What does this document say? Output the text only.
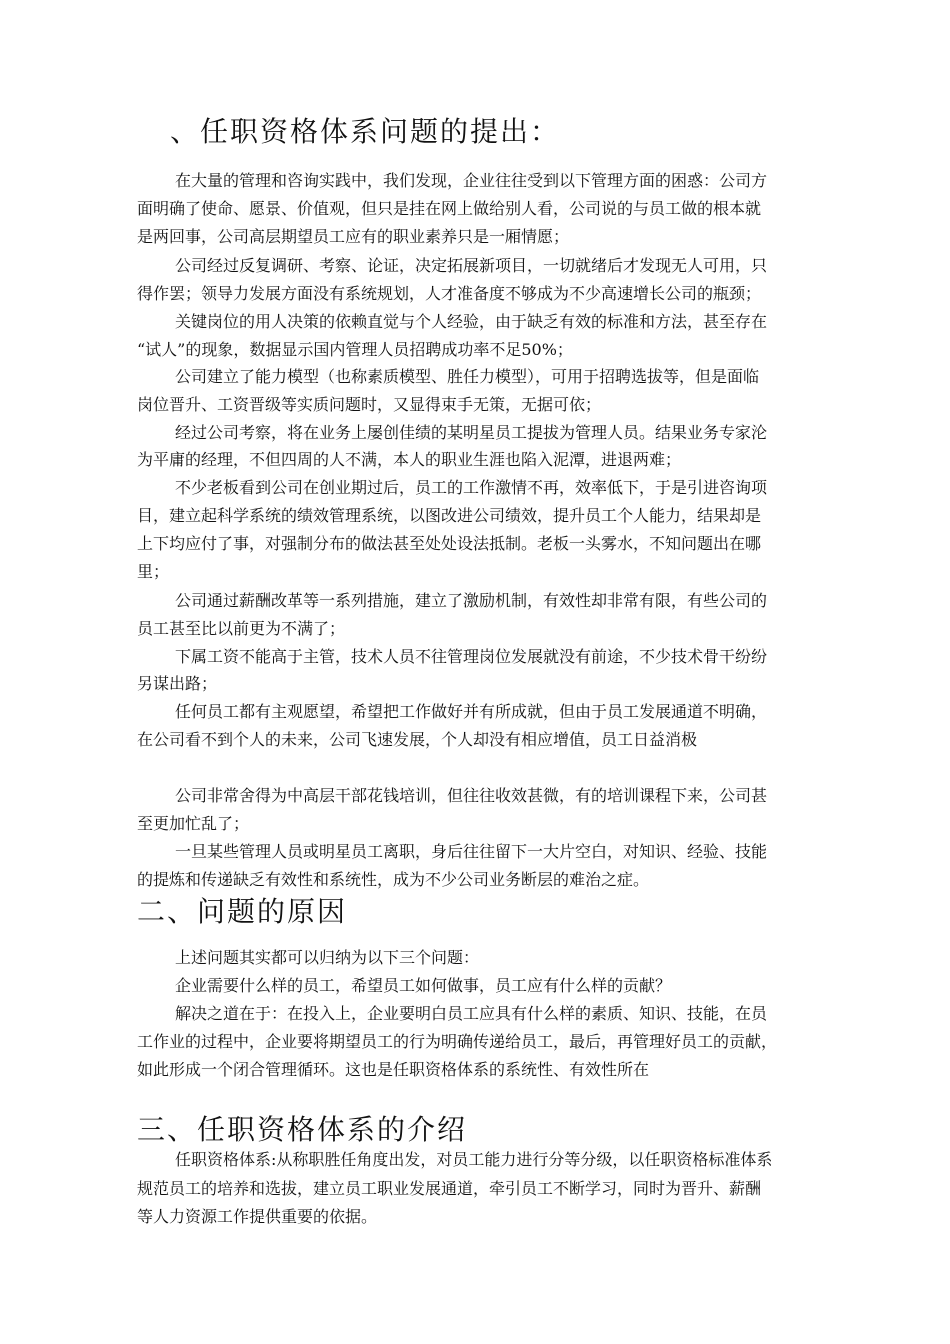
、任职资格体系问题的提出：
在大量的管理和咨询实践中，我们发现，企业往往受到以下管理方面的困惑：公司方
面明确了使命、愿景、价值观，但只是挂在网上做给别人看，公司说的与员工做的根本就
是两回事，公司高层期望员工应有的职业素养只是一厢情愿；
公司经过反复调研、考察、论证，决定拓展新项目，一切就绪后才发现无人可用，只
得作罢；领导力发展方面没有系统规划，人才准备度不够成为不少高速增长公司的瓶颈；
关键岗位的用人决策的依赖直觉与个人经验，由于缺乏有效的标准和方法，甚至存在
“试人”的现象，数据显示国内管理人员招聘成功率不足50%；
公司建立了能力模型（也称素质模型、胜任力模型），可用于招聘选拔等，但是面临
岗位晋升、工资晋级等实质问题时，又显得束手无策，无据可依；
经过公司考察，将在业务上屡创佳绩的某明星员工提拔为管理人员。结果业务专家沦
为平庸的经理，不但四周的人不满，本人的职业生涯也陷入泥潭，进退两难；
不少老板看到公司在创业期过后，员工的工作激情不再，效率低下，于是引进咨询项
目，建立起科学系统的绩效管理系统，以图改进公司绩效，提升员工个人能力，结果却是
上下均应付了事，对强制分布的做法甚至处处设法抵制。老板一头雾水，不知问题出在哪
里；
公司通过薪酬改革等一系列措施，建立了激励机制，有效性却非常有限，有些公司的
员工甚至比以前更为不满了；
下属工资不能高于主管，技术人员不往管理岗位发展就没有前途，不少技术骨干纷纷
另谋出路；
任何员工都有主观愿望，希望把工作做好并有所成就，但由于员工发展通道不明确，
在公司看不到个人的未来，公司飞速发展，个人却没有相应增值，员工日益消极
公司非常舍得为中高层干部花钱培训，但往往收效甚微，有的培训课程下来，公司甚
至更加忙乱了；
一旦某些管理人员或明星员工离职，身后往往留下一大片空白，对知识、经验、技能
的提炼和传递缺乏有效性和系统性，成为不少公司业务断层的难治之症。
二、问题的原因
上述问题其实都可以归纳为以下三个问题：
企业需要什么样的员工，希望员工如何做事，员工应有什么样的贡献？
解决之道在于：在投入上，企业要明白员工应具有什么样的素质、知识、技能，在员
工作业的过程中，企业要将期望员工的行为明确传递给员工，最后，再管理好员工的贡献，
如此形成一个闭合管理循环。这也是任职资格体系的系统性、有效性所在
三、任职资格体系的介绍
任职资格体系:从称职胜任角度出发，对员工能力进行分等分级，以任职资格标准体系
规范员工的培养和选拔，建立员工职业发展通道，牵引员工不断学习，同时为晋升、薪酬
等人力资源工作提供重要的依据。
